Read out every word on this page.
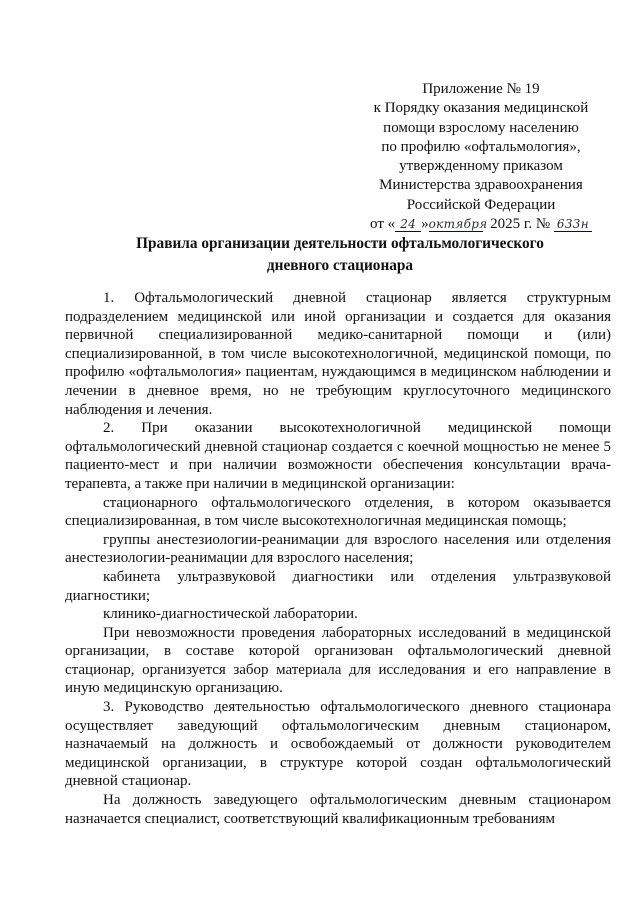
Приложение № 19
к Порядку оказания медицинской
помощи взрослому населению
по профилю «офтальмология»,
утвержденному приказом
Министерства здравоохранения
Российской Федерации
от « 24 »октября 2025 г. № 633н
Правила организации деятельности офтальмологического
дневного стационара

1. Офтальмологический дневной стационар является структурным подразделением медицинской или иной организации и создается для оказания первичной специализированной медико-санитарной помощи и (или) специализированной, в том числе высокотехнологичной, медицинской помощи, по профилю «офтальмология» пациентам, нуждающимся в медицинском наблюдении и лечении в дневное время, но не требующим круглосуточного медицинского наблюдения и лечения.

2. При оказании высокотехнологичной медицинской помощи офтальмологический дневной стационар создается с коечной мощностью не менее 5 пациенто-мест и при наличии возможности обеспечения консультации врача-терапевта, а также при наличии в медицинской организации:

стационарного офтальмологического отделения, в котором оказывается специализированная, в том числе высокотехнологичная медицинская помощь;

группы анестезиологии-реанимации для взрослого населения или отделения анестезиологии-реанимации для взрослого населения;

кабинета ультразвуковой диагностики или отделения ультразвуковой диагностики;

клинико-диагностической лаборатории.

При невозможности проведения лабораторных исследований в медицинской организации, в составе которой организован офтальмологический дневной стационар, организуется забор материала для исследования и его направление в иную медицинскую организацию.

3. Руководство деятельностью офтальмологического дневного стационара осуществляет заведующий офтальмологическим дневным стационаром, назначаемый на должность и освобождаемый от должности руководителем медицинской организации, в структуре которой создан офтальмологический дневной стационар.

На должность заведующего офтальмологическим дневным стационаром назначается специалист, соответствующий квалификационным требованиям
